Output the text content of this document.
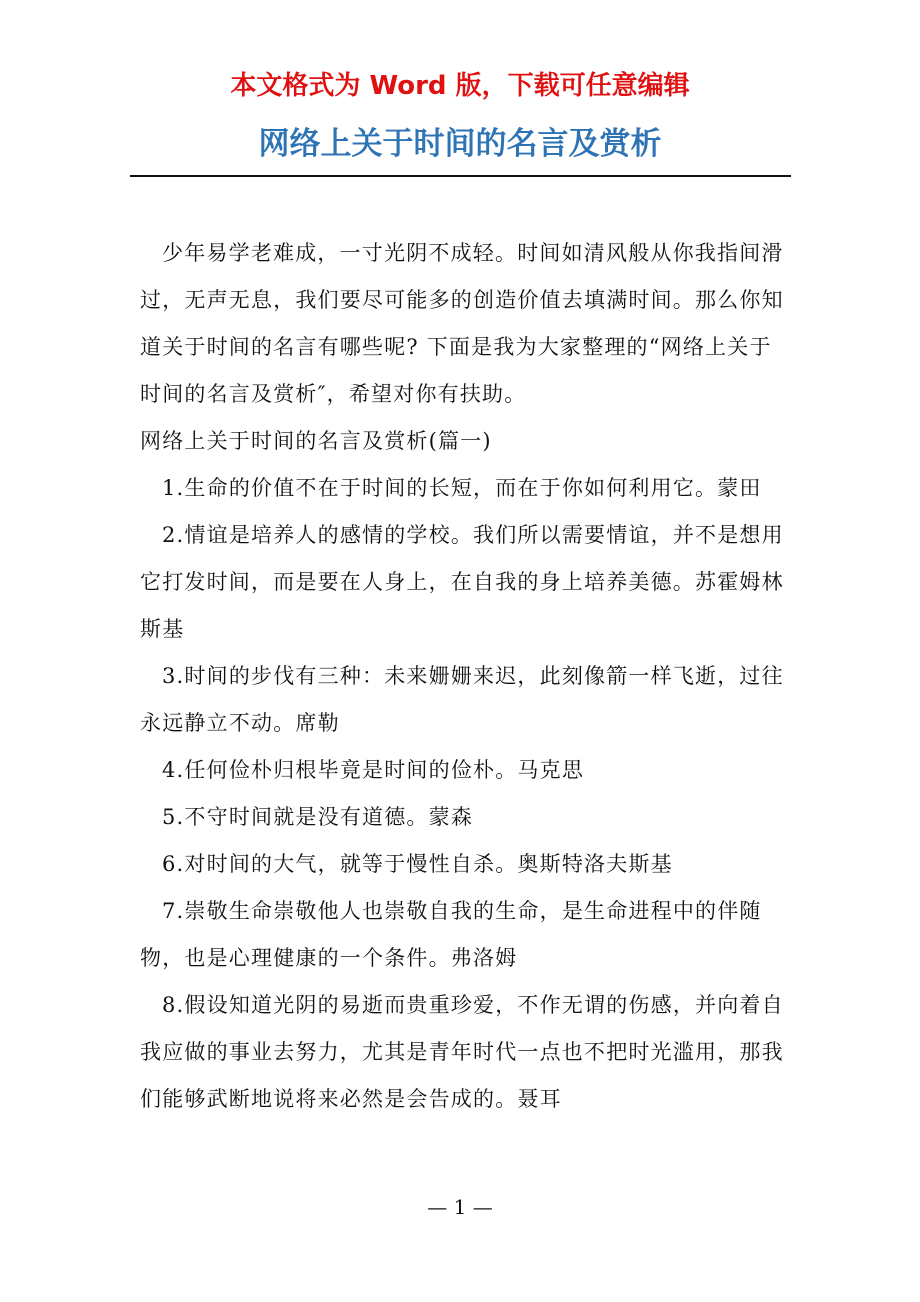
本文格式为 Word 版，下载可任意编辑
网络上关于时间的名言及赏析

少年易学老难成，一寸光阴不成轻。时间如清风般从你我指间滑过，无声无息，我们要尽可能多的创造价值去填满时间。那么你知道关于时间的名言有哪些呢? 下面是我为大家整理的“网络上关于时间的名言及赏析″，希望对你有扶助。

网络上关于时间的名言及赏析(篇一)

1.生命的价值不在于时间的长短，而在于你如何利用它。蒙田

2.情谊是培养人的感情的学校。我们所以需要情谊，并不是想用它打发时间，而是要在人身上，在自我的身上培养美德。苏霍姆林斯基

3.时间的步伐有三种：未来姗姗来迟，此刻像箭一样飞逝，过往永远静立不动。席勒

4.任何俭朴归根毕竟是时间的俭朴。马克思

5.不守时间就是没有道德。蒙森

6.对时间的大气，就等于慢性自杀。奥斯特洛夫斯基

7.崇敬生命崇敬他人也崇敬自我的生命，是生命进程中的伴随物，也是心理健康的一个条件。弗洛姆

8.假设知道光阴的易逝而贵重珍爱，不作无谓的伤感，并向着自我应做的事业去努力，尤其是青年时代一点也不把时光滥用，那我们能够武断地说将来必然是会告成的。聂耳

— 1 —
